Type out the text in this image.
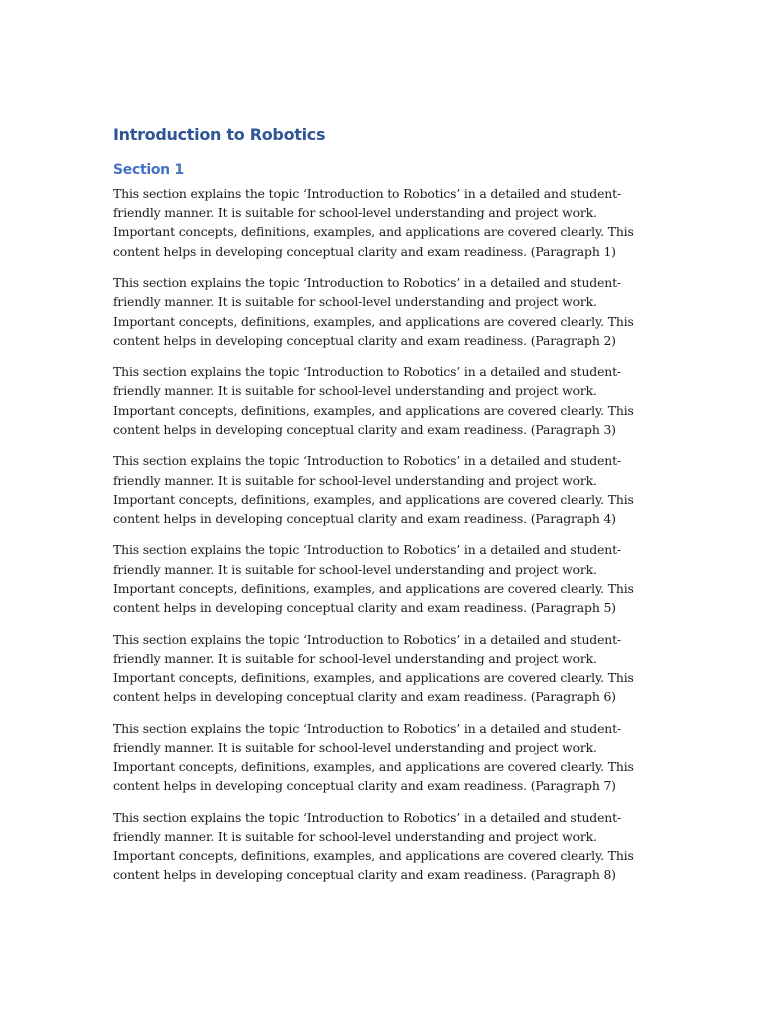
Introduction to Robotics
Section 1

This section explains the topic ‘Introduction to Robotics’ in a detailed and student-friendly manner. It is suitable for school-level understanding and project work. Important concepts, definitions, examples, and applications are covered clearly. This content helps in developing conceptual clarity and exam readiness. (Paragraph 1)

This section explains the topic ‘Introduction to Robotics’ in a detailed and student-friendly manner. It is suitable for school-level understanding and project work. Important concepts, definitions, examples, and applications are covered clearly. This content helps in developing conceptual clarity and exam readiness. (Paragraph 2)

This section explains the topic ‘Introduction to Robotics’ in a detailed and student-friendly manner. It is suitable for school-level understanding and project work. Important concepts, definitions, examples, and applications are covered clearly. This content helps in developing conceptual clarity and exam readiness. (Paragraph 3)

This section explains the topic ‘Introduction to Robotics’ in a detailed and student-friendly manner. It is suitable for school-level understanding and project work. Important concepts, definitions, examples, and applications are covered clearly. This content helps in developing conceptual clarity and exam readiness. (Paragraph 4)

This section explains the topic ‘Introduction to Robotics’ in a detailed and student-friendly manner. It is suitable for school-level understanding and project work. Important concepts, definitions, examples, and applications are covered clearly. This content helps in developing conceptual clarity and exam readiness. (Paragraph 5)

This section explains the topic ‘Introduction to Robotics’ in a detailed and student-friendly manner. It is suitable for school-level understanding and project work. Important concepts, definitions, examples, and applications are covered clearly. This content helps in developing conceptual clarity and exam readiness. (Paragraph 6)

This section explains the topic ‘Introduction to Robotics’ in a detailed and student-friendly manner. It is suitable for school-level understanding and project work. Important concepts, definitions, examples, and applications are covered clearly. This content helps in developing conceptual clarity and exam readiness. (Paragraph 7)

This section explains the topic ‘Introduction to Robotics’ in a detailed and student-friendly manner. It is suitable for school-level understanding and project work. Important concepts, definitions, examples, and applications are covered clearly. This content helps in developing conceptual clarity and exam readiness. (Paragraph 8)
